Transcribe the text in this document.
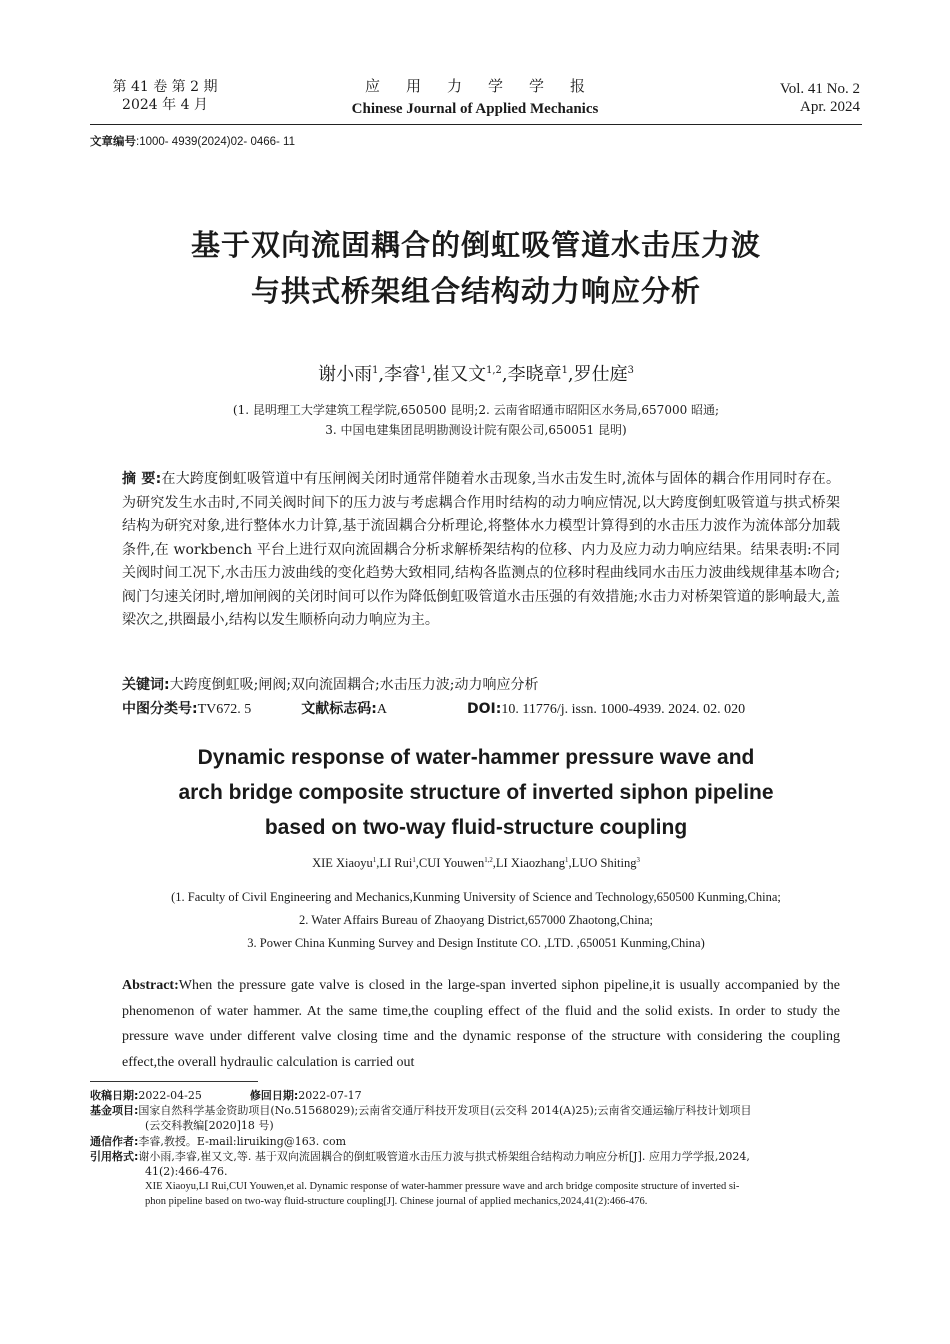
第 41 卷 第 2 期
2024 年 4 月
应用力学学报
Chinese Journal of Applied Mechanics
Vol. 41 No. 2
Apr. 2024
文章编号:1000- 4939(2024)02- 0466- 11
基于双向流固耦合的倒虹吸管道水击压力波
与拱式桥架组合结构动力响应分析
谢小雨$^1$,李睿$^1$,崔又文$^{1,2}$,李晓章$^1$,罗仕庭$^3$
(1. 昆明理工大学建筑工程学院,650500 昆明;2. 云南省昭通市昭阳区水务局,657000 昭通;
3. 中国电建集团昆明勘测设计院有限公司,650051 昆明)
摘 要:在大跨度倒虹吸管道中有压闸阀关闭时通常伴随着水击现象,当水击发生时,流体与固体的耦合作用同时存在。为研究发生水击时,不同关阀时间下的压力波与考虑耦合作用时结构的动力响应情况,以大跨度倒虹吸管道与拱式桥架结构为研究对象,进行整体水力计算,基于流固耦合分析理论,将整体水力模型计算得到的水击压力波作为流体部分加载条件,在 workbench 平台上进行双向流固耦合分析求解桥架结构的位移、内力及应力动力响应结果。结果表明:不同关阀时间工况下,水击压力波曲线的变化趋势大致相同,结构各监测点的位移时程曲线同水击压力波曲线规律基本吻合;阀门匀速关闭时,增加闸阀的关闭时间可以作为降低倒虹吸管道水击压强的有效措施;水击力对桥架管道的影响最大,盖梁次之,拱圈最小,结构以发生顺桥向动力响应为主。
关键词:大跨度倒虹吸;闸阀;双向流固耦合;水击压力波;动力响应分析
中图分类号:TV672. 5	文献标志码:A	DOI:10. 11776/j. issn. 1000-4939. 2024. 02. 020
Dynamic response of water-hammer pressure wave and
arch bridge composite structure of inverted siphon pipeline
based on two-way fluid-structure coupling
XIE Xiaoyu$^1$,LI Rui$^1$,CUI Youwen$^{1,2}$,LI Xiaozhang$^1$,LUO Shiting$^3$
(1. Faculty of Civil Engineering and Mechanics,Kunming University of Science and Technology,650500 Kunming,China;
2. Water Affairs Bureau of Zhaoyang District,657000 Zhaotong,China;
3. Power China Kunming Survey and Design Institute CO. ,LTD. ,650051 Kunming,China)
Abstract:When the pressure gate valve is closed in the large-span inverted siphon pipeline,it is usually accompanied by the phenomenon of water hammer. At the same time,the coupling effect of the fluid and the solid exists. In order to study the pressure wave under different valve closing time and the dynamic response of the structure with considering the coupling effect,the overall hydraulic calculation is carried out
收稿日期:2022-04-25	修回日期:2022-07-17
基金项目:国家自然科学基金资助项目(No.51568029);云南省交通厅科技开发项目(云交科 2014(A)25);云南省交通运输厅科技计划项目
(云交科教编[2020]18 号)
通信作者:李睿,教授。E-mail:liruiking@163. com
引用格式:谢小雨,李睿,崔又文,等. 基于双向流固耦合的倒虹吸管道水击压力波与拱式桥架组合结构动力响应分析[J]. 应用力学学报,2024,
41(2):466-476.
XIE Xiaoyu,LI Rui,CUI Youwen,et al. Dynamic response of water-hammer pressure wave and arch bridge composite structure of inverted si-
phon pipeline based on two-way fluid-structure coupling[J]. Chinese journal of applied mechanics,2024,41(2):466-476.
